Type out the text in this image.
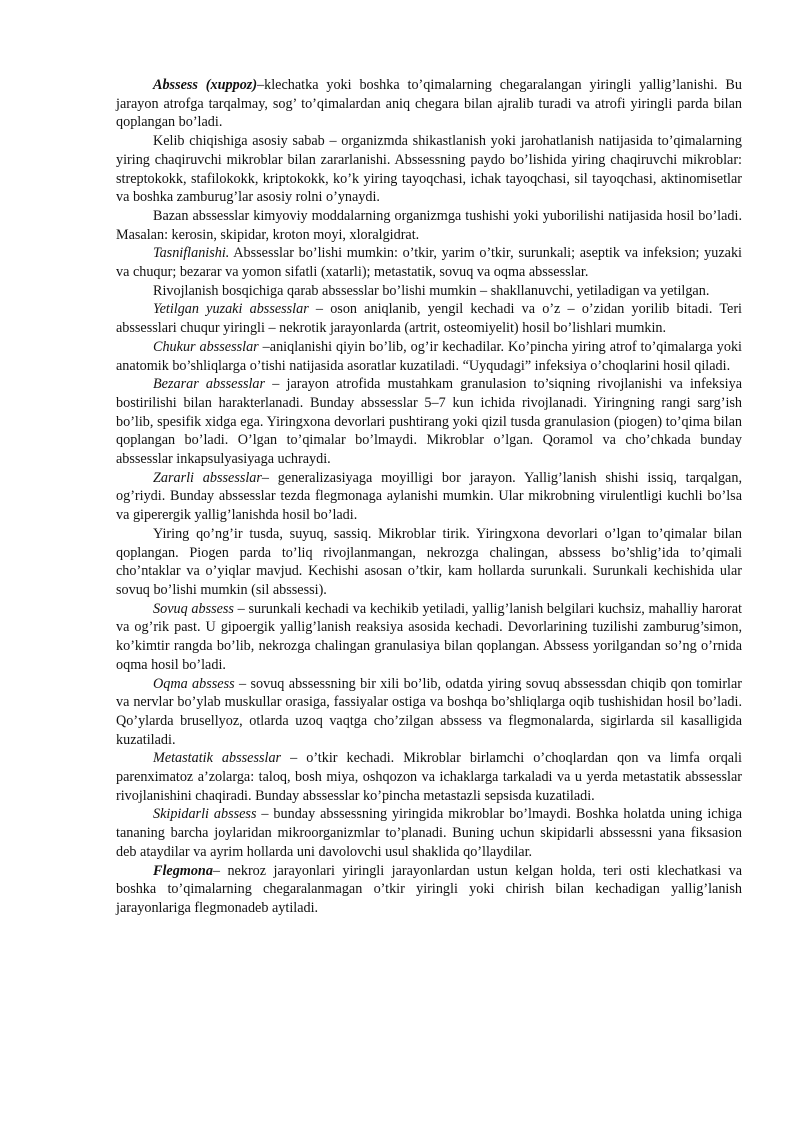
Abssess (xuppoz)–klechatka yoki boshka to’qimalarning chegaralangan yiringli yallig’lanishi. Bu jarayon atrofga tarqalmay, sog’ to’qimalardan aniq chegara bilan ajralib turadi va atrofi yiringli parda bilan qoplangan bo’ladi.

Kelib chiqishiga asosiy sabab – organizmda shikastlanish yoki jarohatlanish natijasida to’qimalarning yiring chaqiruvchi mikroblar bilan zararlanishi. Abssessning paydo bo’lishida yiring chaqiruvchi mikroblar: streptokokk, stafilokokk, kriptokokk, ko’k yiring tayoqchasi, ichak tayoqchasi, sil tayoqchasi, aktinomisetlar va boshka zamburug’lar asosiy rolni o’ynaydi.

Bazan abssesslar kimyoviy moddalarning organizmga tushishi yoki yuborilishi natijasida hosil bo’ladi. Masalan: kerosin, skipidar, kroton moyi, xloralgidrat.

Tasniflanishi. Abssesslar bo’lishi mumkin: o’tkir, yarim o’tkir, surunkali; aseptik va infeksion; yuzaki va chuqur; bezarar va yomon sifatli (xatarli); metastatik, sovuq va oqma abssesslar.

Rivojlanish bosqichiga qarab abssesslar bo’lishi mumkin – shakllanuvchi, yetiladigan va yetilgan.

Yetilgan yuzaki abssesslar – oson aniqlanib, yengil kechadi va o’z – o’zidan yorilib bitadi. Teri abssesslari chuqur yiringli – nekrotik jarayonlarda (artrit, osteomiyelit) hosil bo’lishlari mumkin.

Chukur abssesslar –aniqlanishi qiyin bo’lib, og’ir kechadilar. Ko’pincha yiring atrof to’qimalarga yoki anatomik bo’shliqlarga o’tishi natijasida asoratlar kuzatiladi. “Uyqudagi” infeksiya o’choqlarini hosil qiladi.

Bezarar abssesslar – jarayon atrofida mustahkam granulasion to’siqning rivojlanishi va infeksiya bostirilishi bilan harakterlanadi. Bunday abssesslar 5–7 kun ichida rivojlanadi. Yiringning rangi sarg’ish bo’lib, spesifik xidga ega. Yiringxona devorlari pushtirang yoki qizil tusda granulasion (piogen) to’qima bilan qoplangan bo’ladi. O’lgan to’qimalar bo’lmaydi. Mikroblar o’lgan. Qoramol va cho’chkada bunday abssesslar inkapsulyasiyaga uchraydi.

Zararli abssesslar– generalizasiyaga moyilligi bor jarayon. Yallig’lanish shishi issiq, tarqalgan, og’riydi. Bunday abssesslar tezda flegmonaga aylanishi mumkin. Ular mikrobning virulentligi kuchli bo’lsa va giperergik yallig’lanishda hosil bo’ladi.

Yiring qo’ng’ir tusda, suyuq, sassiq. Mikroblar tirik. Yiringxona devorlari o’lgan to’qimalar bilan qoplangan. Piogen parda to’liq rivojlanmangan, nekrozga chalingan, abssess bo’shlig’ida to’qimali cho’ntaklar va o’yiqlar mavjud. Kechishi asosan o’tkir, kam hollarda surunkali. Surunkali kechishida ular sovuq bo’lishi mumkin (sil abssessi).

Sovuq abssess – surunkali kechadi va kechikib yetiladi, yallig’lanish belgilari kuchsiz, mahalliy harorat va og’rik past. U gipoergik yallig’lanish reaksiya asosida kechadi. Devorlarining tuzilishi zamburug’simon, ko’kimtir rangda bo’lib, nekrozga chalingan granulasiya bilan qoplangan. Abssess yorilgandan so’ng o’rnida oqma hosil bo’ladi.

Oqma abssess – sovuq abssessning bir xili bo’lib, odatda yiring sovuq abssessdan chiqib qon tomirlar va nervlar bo’ylab muskullar orasiga, fassiyalar ostiga va boshqa bo’shliqlarga oqib tushishidan hosil bo’ladi. Qo’ylarda brusellyoz, otlarda uzoq vaqtga cho’zilgan abssess va flegmonalarda, sigirlarda sil kasalligida kuzatiladi.

Metastatik abssesslar – o’tkir kechadi. Mikroblar birlamchi o’choqlardan qon va limfa orqali parenximatoz a’zolarga: taloq, bosh miya, oshqozon va ichaklarga tarkaladi va u yerda metastatik abssesslar rivojlanishini chaqiradi. Bunday abssesslar ko’pincha metastazli sepsisda kuzatiladi.

Skipidarli abssess – bunday abssessning yiringida mikroblar bo’lmaydi. Boshka holatda uning ichiga tananing barcha joylaridan mikroorganizmlar to’planadi. Buning uchun skipidarli abssessni yana fiksasion deb ataydilar va ayrim hollarda uni davolovchi usul shaklida qo’llaydilar.

Flegmona– nekroz jarayonlari yiringli jarayonlardan ustun kelgan holda, teri osti klechatkasi va boshka to’qimalarning chegaralanmagan o’tkir yiringli yoki chirish bilan kechadigan yallig’lanish jarayonlariga flegmonadeb aytiladi.
